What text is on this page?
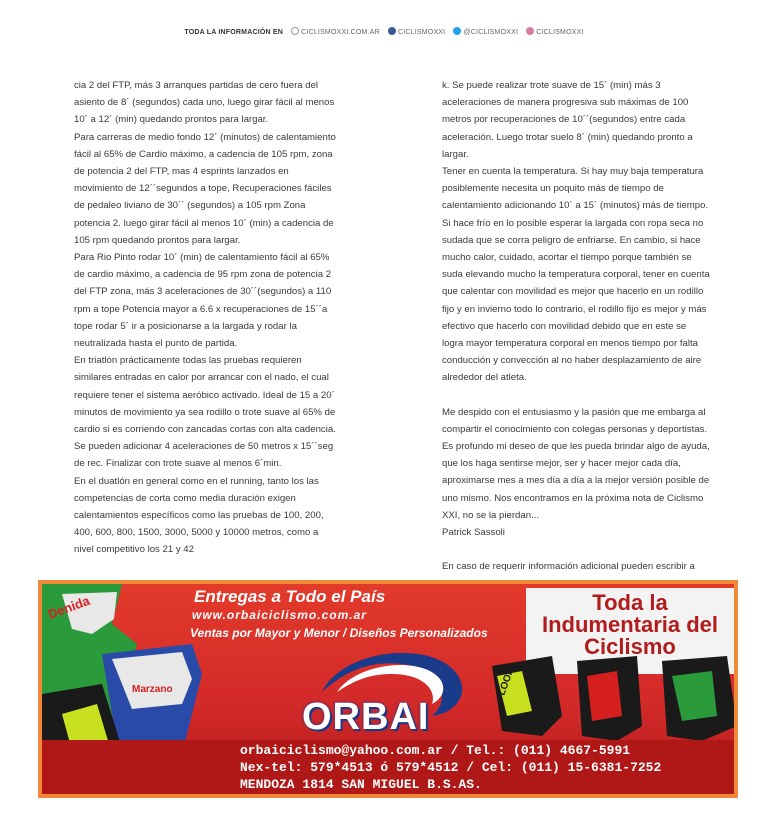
TODA LA INFORMACIÓN EN	CICLISMOXXI.COM.AR	CICLISMOXXI	@CICLISMOXXI	CICLISMOXXI

cia 2 del FTP, más 3 arranques partidas de cero fuera del asiento de 8´ (segundos) cada uno, luego girar fácil al menos 10´ a 12´ (min) quedando prontos para largar.

Para carreras de medio fondo 12´ (minutos) de calentamiento fácil al 65% de Cardio máximo, a cadencia de 105 rpm, zona de potencia 2 del FTP, mas 4 esprints lanzados en movimiento de 12´´segundos a tope, Recuperaciones fáciles de pedaleo liviano de 30´´ (segundos) a 105 rpm Zona potencia 2. luego girar fácil al menos 10´ (min) a cadencia de 105 rpm quedando prontos para largar.

Para Rio Pinto rodar 10´ (min) de calentamiento fácil al 65% de cardio máximo, a cadencia de 95 rpm zona de potencia 2 del FTP zona, más 3 aceleraciones de 30´´(segundos) a 110 rpm a tope Potencia mayor a 6.6 x recuperaciones de 15´´a tope rodar 5´ ir a posicionarse a la largada y rodar la neutralizada hasta el punto de partida.

En triatlón prácticamente todas las pruebas requieren similares entradas en calor por arrancar con el nado, el cual requiere tener el sistema aeróbico activado. Ideal de 15 a 20´ minutos de movimiento ya sea rodillo o trote suave al 65% de cardio si es corriendo con zancadas cortas con alta cadencia. Se pueden adicionar 4 aceleraciones de 50 metros x 15´´seg de rec. Finalizar con trote suave al menos 6´min.

En el duatlón en general como en el running, tanto los las competencias de corta como media duración exigen calentamientos específicos como las pruebas de 100, 200, 400, 600, 800, 1500, 3000, 5000 y 10000 metros, como a nivel competitivo los 21 y 42

k. Se puede realizar trote suave de 15´ (min) más 3 aceleraciones de manera progresiva sub máximas de 100 metros por recuperaciones de 10´´(segundos) entre cada aceleración. Luego trotar suelo 8´ (min) quedando pronto a largar.

Tener en cuenta la temperatura. Si hay muy baja temperatura posiblemente necesita un poquito más de tiempo de calentamiento adicionando 10´ a 15´ (minutos) más de tiempo. Si hace frío en lo posible esperar la largada con ropa seca no sudada que se corra peligro de enfriarse. En cambio, si hace mucho calor, cuidado, acortar el tiempo porque también se suda elevando mucho la temperatura corporal, tener en cuenta que calentar con movilidad es mejor que hacerlo en un rodillo fijo y en invierno todo lo contrario, el rodillo fijo es mejor y más efectivo que hacerlo con movilidad debido que en este se logra mayor temperatura corporal en menos tiempo por falta conducción y convección al no haber desplazamiento de aire alrededor del atleta.

Me despido con el entusiasmo y la pasión que me embarga al compartir el conocimiento con colegas personas y deportistas. Es profundo mi deseo de que les pueda brindar algo de ayuda, que los haga sentirse mejor, ser y hacer mejor cada día, aproximarse mes a mes día a día a la mejor versión posible de uno mismo. Nos encontramos en la próxima nota de Ciclismo XXI, no se la pierdan...

Patrick Sassoli

En caso de requerir información adicional pueden escribir a

Denida
Marzano
Entregas a Todo el País
www.orbaiciclismo.com.ar
Ventas por Mayor y Menor / Diseños Personalizados
Toda la Indumentaria del Ciclismo
LOOK
ORBAI
orbaiciclismo@yahoo.com.ar / Tel.: (011) 4667-5991
Nex-tel: 579*4513 ó 579*4512 / Cel: (011) 15-6381-7252
MENDOZA 1814 SAN MIGUEL B.S.AS.
